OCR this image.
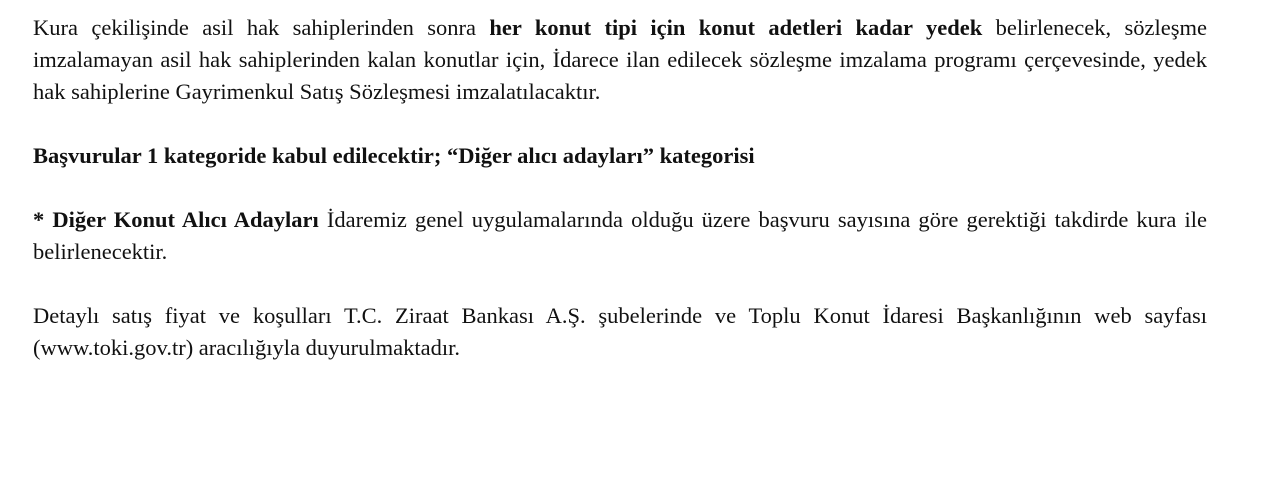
Kura çekilişinde asil hak sahiplerinden sonra her konut tipi için konut adetleri kadar yedek belirlenecek, sözleşme imzalamayan asil hak sahiplerinden kalan konutlar için, İdarece ilan edilecek sözleşme imzalama programı çerçevesinde, yedek hak sahiplerine Gayrimenkul Satış Sözleşmesi imzalatılacaktır.

Başvurular 1 kategoride kabul edilecektir; “Diğer alıcı adayları” kategorisi

* Diğer Konut Alıcı Adayları İdaremiz genel uygulamalarında olduğu üzere başvuru sayısına göre gerektiği takdirde kura ile belirlenecektir.

Detaylı satış fiyat ve koşulları T.C. Ziraat Bankası A.Ş. şubelerinde ve Toplu Konut İdaresi Başkanlığının web sayfası (www.toki.gov.tr) aracılığıyla duyurulmaktadır.
